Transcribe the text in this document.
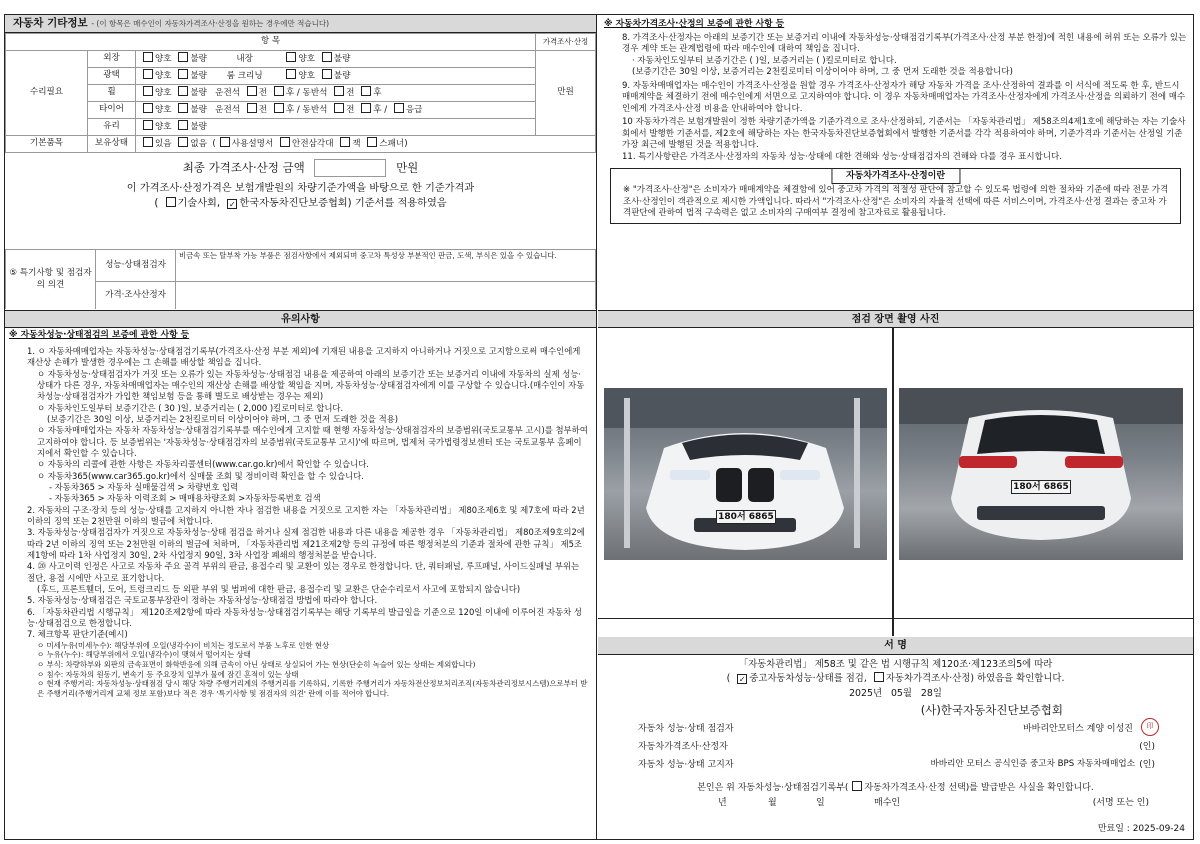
자동차 기타정보 - (이 항목은 매수인이 자동차가격조사·산정을 원하는 경우에만 적습니다)
항 목			가격조사·산정
수리필요	외장	양호 불량 내장 양호 불량	만원
	광택	양호 불량 룸 크리닝 양호 불량	
	휠	양호 불량 운전석 전 후 / 동반석 전 후	
	타이어	양호 불량 운전석 전 후 / 동반석 전 후 / 응급	
	유리	양호 불량	
기본품목	보유상태	있음 없음  ( 사용설명서 안전삼각대 잭 스패너)	
최종 가격조사·산정 금액	만원
이 가격조사·산정가격은 보험개발원의 차량기준가액을 바탕으로 한 기준가격과
( 기술사회, ✓ 한국자동차진단보증협회) 기준서를 적용하였음
⑤ 특기사항 및 점검자의 의견	성능·상태점검자	비금속 또는 탈부착 가능 부품은 점검사항에서 제외되며 중고차 특성상 부분적인 판금, 도색, 부식은 있을 수 있습니다.
	가격·조사산정자	
유의사항
※ 자동차성능·상태점검의 보증에 관한 사항 등
1. ㅇ 자동차매매업자는 자동차성능·상태점검기록부(가격조사·산정 부분 제외)에 기재된 내용을 고지하지 아니하거나 거짓으로 고지함으로써 매수인에게 재산상 손해가 발생한 경우에는 그 손해를 배상할 책임을 집니다.
ㅇ 자동차성능·상태점검자가 거짓 또는 오류가 있는 자동차성능·상태점검 내용을 제공하여 아래의 보증기간 또는 보증거리 이내에 자동차의 실제 성능·상태가 다른 경우, 자동차매매업자는 매수인의 재산상 손해를 배상할 책임을 지며, 자동차성능·상태점검자에게 이를 구상할 수 있습니다.(매수인이 자동차성능·상태점검자가 가입한 책임보험 등을 통해 별도로 배상받는 경우는 제외)
ㅇ 자동차인도일부터 보증기간은 ( 30 )일, 보증거리는 ( 2,000 )킬로미터로 합니다.
(보증기간은 30일 이상, 보증거리는 2천킬로미터 이상이어야 하며, 그 중 먼저 도래한 것을 적용)
ㅇ 자동차매매업자는 자동차 자동차성능·상태점검기록부를 매수인에게 고지할 때 현행 자동차성능·상태점검자의 보증범위(국토교통부 고시)를 첨부하여 고지하여야 합니다. 등 보증범위는 '자동차성능·상태점검자의 보증범위(국토교통부 고시)'에 따르며, 법제처 국가법령정보센터 또는 국토교통부 홈페이지에서 확인할 수 있습니다.
ㅇ 자동차의 리콜에 관한 사항은 자동차리콜센터(www.car.go.kr)에서 확인할 수 있습니다.
ㅇ 자동차365(www.car365.go.kr)에서 실매물 조회 및 정비이력 확인을 할 수 있습니다.
- 자동차365 > 자동차 실매물검색 > 차량번호 입력
- 자동차365 > 자동차 이력조회 > 매매용차량조회 >자동차등록번호 검색
2. 자동차의 구조·장치 등의 성능·상태를 고지하지 아니한 자나 점검한 내용을 거짓으로 고지한 자는 「자동차관리법」 제80조제6호 및 제7호에 따라 2년 이하의 징역 또는 2천만원 이하의 벌금에 처합니다.
3. 자동차성능·상태점검자가 거짓으로 자동차성능·상태 점검을 하거나 실제 점검한 내용과 다른 내용을 제공한 경우 「자동차관리법」 제80조제9호의2에 따라 2년 이하의 징역 또는 2천만원 이하의 벌금에 처하며, 「자동차관리법 제21조제2항 등의 규정에 따른 행정처분의 기준과 절차에 관한 규칙」 제5조제1항에 따라 1차 사업정지 30일, 2차 사업정지 90일, 3차 사업장 폐쇄의 행정처분을 받습니다.
4. ⑳ 사고이력 인정은 사고로 자동차 주요 골격 부위의 판금, 용접수리 및 교환이 있는 경우로 한정합니다. 단, 쿼터패널, 루프패널, 사이드실패널 부위는 절단, 용접 시에만 사고로 표기합니다.
(후드, 프론트휀더, 도어, 트렁크리드 등 외판 부위 및 범퍼에 대한 판금, 용접수리 및 교환은 단순수리로서 사고에 포함되지 않습니다)
5. 자동차성능·상태점검은 국토교통부장관이 정하는 자동차성능·상태점검 방법에 따라야 합니다.
6. 「자동차관리법 시행규칙」 제120조제2항에 따라 자동차성능·상태점검기록부는 해당 기록부의 발급일을 기준으로 120일 이내에 이루어진 자동차 성능·상태점검으로 한정합니다.
7. 체크항목 판단기준(예시)
ㅇ 미세누유(미세누수): 해당부위에 오일(냉각수)이 비치는 정도로서 부품 노후로 인한 현상
ㅇ 누유(누수): 해당부위에서 오일(냉각수)이 맺혀서 떨어지는 상태
ㅇ 부식: 차량하부와 외판의 금속표면이 화학반응에 의해 금속이 아닌 상태로 상실되어 가는 현상(단순히 녹슬어 있는 상태는 제외합니다)
ㅇ 침수: 자동차의 원동기, 변속기 등 주요장치 일부가 물에 잠긴 흔적이 있는 상태
ㅇ 현재 주행거리: 자동차성능·상태점검 당시 해당 차량 주행거리계의 주행거리를 기록하되, 기록한 주행거리가 자동차전산정보처리조직(자동차관리정보시스템)으로부터 받은 주행거리(주행거리계 교체 정보 포함)보다 적은 경우 '특기사항 및 점검자의 의견' 란에 이를 적어야 합니다.
※ 자동차가격조사·산정의 보증에 관한 사항 등
8. 가격조사·산정자는 아래의 보증기간 또는 보증거리 이내에 자동차성능·상태점검기록부(가격조사·산정 부분 한정)에 적힌 내용에 허위 또는 오류가 있는 경우 계약 또는 관계법령에 따라 매수인에 대하여 책임을 집니다.
· 자동차인도일부터 보증기간은 ( )일, 보증거리는 ( )킬로미터로 합니다.
(보증기간은 30일 이상, 보증거리는 2천킬로미터 이상이어야 하며, 그 중 먼저 도래한 것을 적용합니다)
9. 자동차매매업자는 매수인이 가격조사·산정을 원할 경우 가격조사·산정자가 해당 자동차 가격을 조사·산정하여 결과를 이 서식에 적도록 한 후, 반드시 매매계약을 체결하기 전에 매수인에게 서면으로 고지하여야 합니다. 이 경우 자동차매매업자는 가격조사·산정자에게 가격조사·산정을 의뢰하기 전에 매수인에게 가격조사·산정 비용을 안내하여야 합니다.
10 자동차가격은 보험개발원이 정한 차량기준가액을 기준가격으로 조사·산정하되, 기준서는 「자동차관리법」 제58조의4제1호에 해당하는 자는 기술사회에서 발행한 기준서를, 제2호에 해당하는 자는 한국자동차진단보증협회에서 발행한 기준서를 각각 적용하여야 하며, 기준가격과 기준서는 산정일 기준 가장 최근에 발행된 것을 적용합니다.
11. 특기사항란은 가격조사·산정자의 자동차 성능·상태에 대한 견해와 성능·상태점검자의 견해와 다를 경우 표시합니다.
자동차가격조사·산정이란
※ "가격조사·산정"은 소비자가 매매계약을 체결함에 있어 중고차 가격의 적절성 판단에 참고할 수 있도록 법령에 의한 절차와 기준에 따라 전문 가격조사·산정인이 객관적으로 제시한 가액입니다. 따라서 "가격조사·산정"은 소비자의 자율적 선택에 따른 서비스이며, 가격조사·산정 결과는 중고차 가격판단에 관하여 법적 구속력은 없고 소비자의 구매여부 결정에 참고자료로 활용됩니다.
점검 장면 촬영 사진
180서 6865
180서 6865
서 명
「자동차관리법」 제58조 및 같은 법 시행규칙 제120조·제123조의5에 따라
( ✓ 중고자동차성능·상태를 점검, 자동차가격조사·산정) 하였음을 확인합니다.
2025년 05월 28일
(사)한국자동차진단보증협회
자동차 성능·상태 점검자	바바리안모터스 계양 이성진	印
자동차가격조사·산정자	(인)
자동차 성능·상태 고지자	바바리안 모터스 공식인증 중고차 BPS 자동차매매업소 (인)
본인은 위 자동차성능·상태점검기록부( 자동차가격조사·산정 선택)를 발급받은 사실을 확인합니다.
년	월	일	매수인	(서명 또는 인)
만료일 : 2025-09-24
